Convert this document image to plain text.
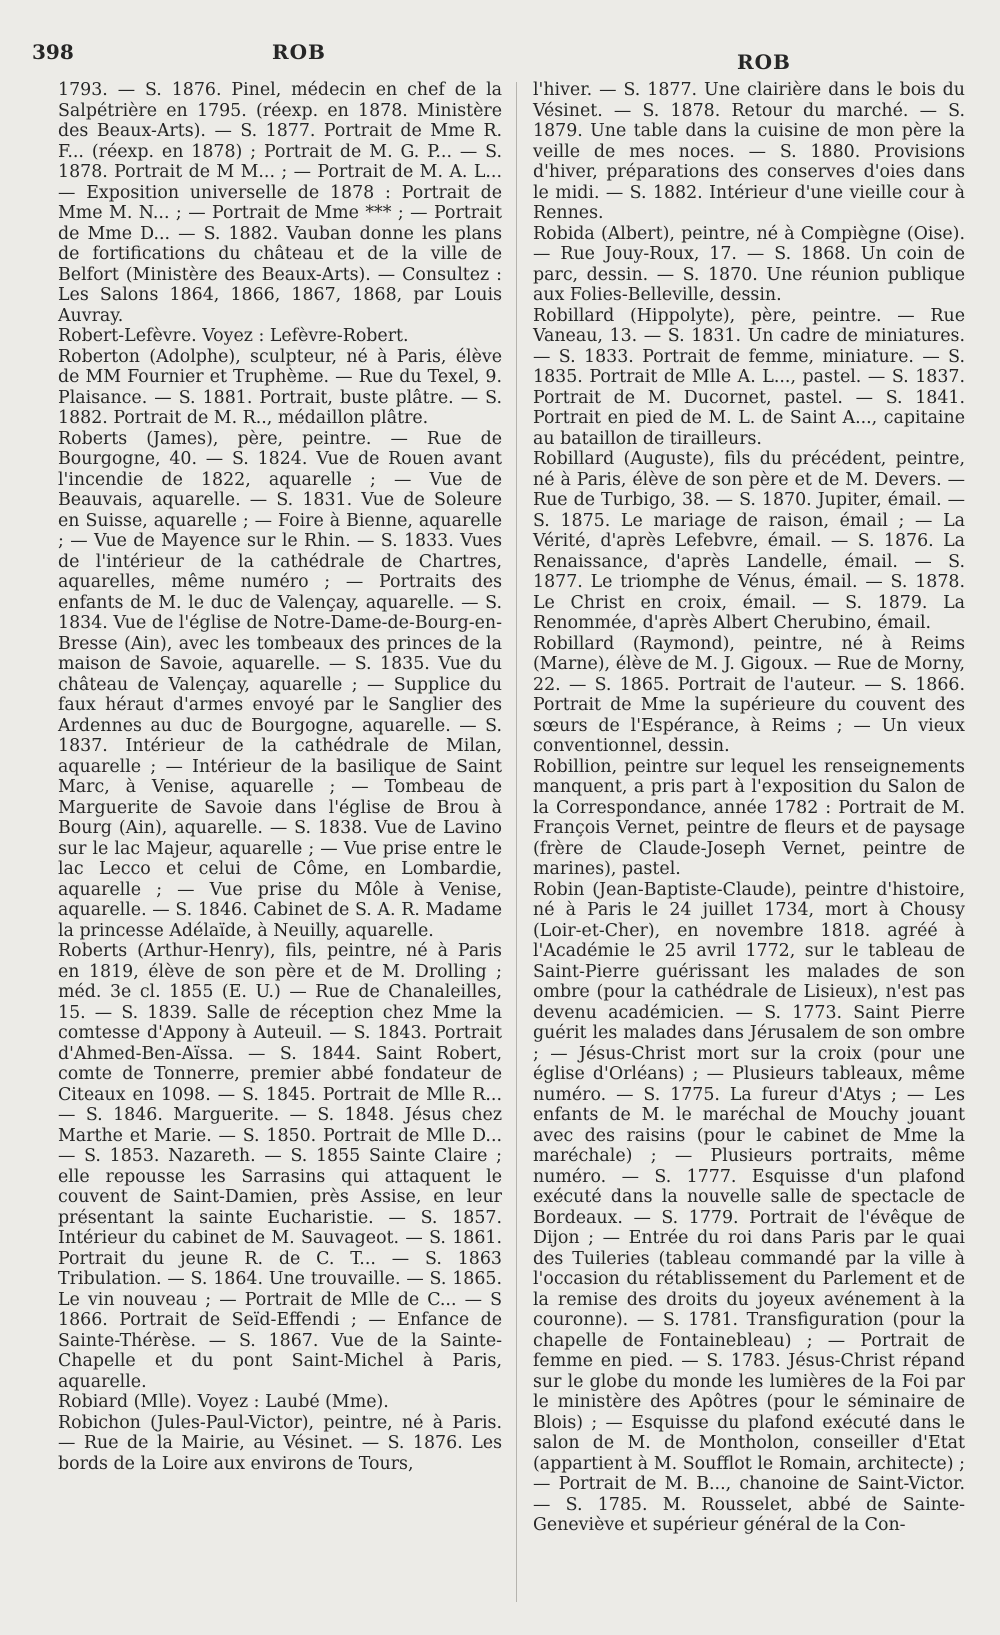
398	ROB	ROB

1793. — S. 1876. Pinel, médecin en chef de la Salpétrière en 1795. (réexp. en 1878. Ministère des Beaux-Arts). — S. 1877. Portrait de Mme R. F... (réexp. en 1878) ; Portrait de M. G. P... — S. 1878. Portrait de M M... ; — Portrait de M. A. L... — Exposition universelle de 1878 : Portrait de Mme M. N... ; — Portrait de Mme *** ; — Portrait de Mme D... — S. 1882. Vauban donne les plans de fortifications du château et de la ville de Belfort (Ministère des Beaux-Arts). — Consultez : Les Salons 1864, 1866, 1867, 1868, par Louis Auvray.

Robert-Lefèvre. Voyez : Lefèvre-Robert.

Roberton (Adolphe), sculpteur, né à Paris, élève de MM Fournier et Truphème. — Rue du Texel, 9. Plaisance. — S. 1881. Portrait, buste plâtre. — S. 1882. Portrait de M. R.., médaillon plâtre.

Roberts (James), père, peintre. — Rue de Bourgogne, 40. — S. 1824. Vue de Rouen avant l'incendie de 1822, aquarelle ; — Vue de Beauvais, aquarelle. — S. 1831. Vue de Soleure en Suisse, aquarelle ; — Foire à Bienne, aquarelle ; — Vue de Mayence sur le Rhin. — S. 1833. Vues de l'intérieur de la cathédrale de Chartres, aquarelles, même numéro ; — Portraits des enfants de M. le duc de Valençay, aquarelle. — S. 1834. Vue de l'église de Notre-Dame-de-Bourg-en-Bresse (Ain), avec les tombeaux des princes de la maison de Savoie, aquarelle. — S. 1835. Vue du château de Valençay, aquarelle ; — Supplice du faux héraut d'armes envoyé par le Sanglier des Ardennes au duc de Bourgogne, aquarelle. — S. 1837. Intérieur de la cathédrale de Milan, aquarelle ; — Intérieur de la basilique de Saint Marc, à Venise, aquarelle ; — Tombeau de Marguerite de Savoie dans l'église de Brou à Bourg (Ain), aquarelle. — S. 1838. Vue de Lavino sur le lac Majeur, aquarelle ; — Vue prise entre le lac Lecco et celui de Côme, en Lombardie, aquarelle ; — Vue prise du Môle à Venise, aquarelle. — S. 1846. Cabinet de S. A. R. Madame la princesse Adélaïde, à Neuilly, aquarelle.

Roberts (Arthur-Henry), fils, peintre, né à Paris en 1819, élève de son père et de M. Drolling ; méd. 3e cl. 1855 (E. U.) — Rue de Chanaleilles, 15. — S. 1839. Salle de réception chez Mme la comtesse d'Appony à Auteuil. — S. 1843. Portrait d'Ahmed-Ben-Aïssa. — S. 1844. Saint Robert, comte de Tonnerre, premier abbé fondateur de Citeaux en 1098. — S. 1845. Portrait de Mlle R... — S. 1846. Marguerite. — S. 1848. Jésus chez Marthe et Marie. — S. 1850. Portrait de Mlle D... — S. 1853. Nazareth. — S. 1855 Sainte Claire ; elle repousse les Sarrasins qui attaquent le couvent de Saint-Damien, près Assise, en leur présentant la sainte Eucharistie. — S. 1857. Intérieur du cabinet de M. Sauvageot. — S. 1861. Portrait du jeune R. de C. T... — S. 1863 Tribulation. — S. 1864. Une trouvaille. — S. 1865. Le vin nouveau ; — Portrait de Mlle de C... — S 1866. Portrait de Seïd-Effendi ; — Enfance de Sainte-Thérèse. — S. 1867. Vue de la Sainte-Chapelle et du pont Saint-Michel à Paris, aquarelle.

Robiard (Mlle). Voyez : Laubé (Mme).

Robichon (Jules-Paul-Victor), peintre, né à Paris. — Rue de la Mairie, au Vésinet. — S. 1876. Les bords de la Loire aux environs de Tours,

l'hiver. — S. 1877. Une clairière dans le bois du Vésinet. — S. 1878. Retour du marché. — S. 1879. Une table dans la cuisine de mon père la veille de mes noces. — S. 1880. Provisions d'hiver, préparations des conserves d'oies dans le midi. — S. 1882. Intérieur d'une vieille cour à Rennes.

Robida (Albert), peintre, né à Compiègne (Oise). — Rue Jouy-Roux, 17. — S. 1868. Un coin de parc, dessin. — S. 1870. Une réunion publique aux Folies-Belleville, dessin.

Robillard (Hippolyte), père, peintre. — Rue Vaneau, 13. — S. 1831. Un cadre de miniatures. — S. 1833. Portrait de femme, miniature. — S. 1835. Portrait de Mlle A. L..., pastel. — S. 1837. Portrait de M. Ducornet, pastel. — S. 1841. Portrait en pied de M. L. de Saint A..., capitaine au bataillon de tirailleurs.

Robillard (Auguste), fils du précédent, peintre, né à Paris, élève de son père et de M. Devers. — Rue de Turbigo, 38. — S. 1870. Jupiter, émail. — S. 1875. Le mariage de raison, émail ; — La Vérité, d'après Lefebvre, émail. — S. 1876. La Renaissance, d'après Landelle, émail. — S. 1877. Le triomphe de Vénus, émail. — S. 1878. Le Christ en croix, émail. — S. 1879. La Renommée, d'après Albert Cherubino, émail.

Robillard (Raymond), peintre, né à Reims (Marne), élève de M. J. Gigoux. — Rue de Morny, 22. — S. 1865. Portrait de l'auteur. — S. 1866. Portrait de Mme la supérieure du couvent des sœurs de l'Espérance, à Reims ; — Un vieux conventionnel, dessin.

Robillion, peintre sur lequel les renseignements manquent, a pris part à l'exposition du Salon de la Correspondance, année 1782 : Portrait de M. François Vernet, peintre de fleurs et de paysage (frère de Claude-Joseph Vernet, peintre de marines), pastel.

Robin (Jean-Baptiste-Claude), peintre d'histoire, né à Paris le 24 juillet 1734, mort à Chousy (Loir-et-Cher), en novembre 1818. agréé à l'Académie le 25 avril 1772, sur le tableau de Saint-Pierre guérissant les malades de son ombre (pour la cathédrale de Lisieux), n'est pas devenu académicien. — S. 1773. Saint Pierre guérit les malades dans Jérusalem de son ombre ; — Jésus-Christ mort sur la croix (pour une église d'Orléans) ; — Plusieurs tableaux, même numéro. — S. 1775. La fureur d'Atys ; — Les enfants de M. le maréchal de Mouchy jouant avec des raisins (pour le cabinet de Mme la maréchale) ; — Plusieurs portraits, même numéro. — S. 1777. Esquisse d'un plafond exécuté dans la nouvelle salle de spectacle de Bordeaux. — S. 1779. Portrait de l'évêque de Dijon ; — Entrée du roi dans Paris par le quai des Tuileries (tableau commandé par la ville à l'occasion du rétablissement du Parlement et de la remise des droits du joyeux avénement à la couronne). — S. 1781. Transfiguration (pour la chapelle de Fontainebleau) ; — Portrait de femme en pied. — S. 1783. Jésus-Christ répand sur le globe du monde les lumières de la Foi par le ministère des Apôtres (pour le séminaire de Blois) ; — Esquisse du plafond exécuté dans le salon de M. de Montholon, conseiller d'Etat (appartient à M. Soufflot le Romain, architecte) ; — Portrait de M. B..., chanoine de Saint-Victor. — S. 1785. M. Rousselet, abbé de Sainte-Geneviève et supérieur général de la Con-
